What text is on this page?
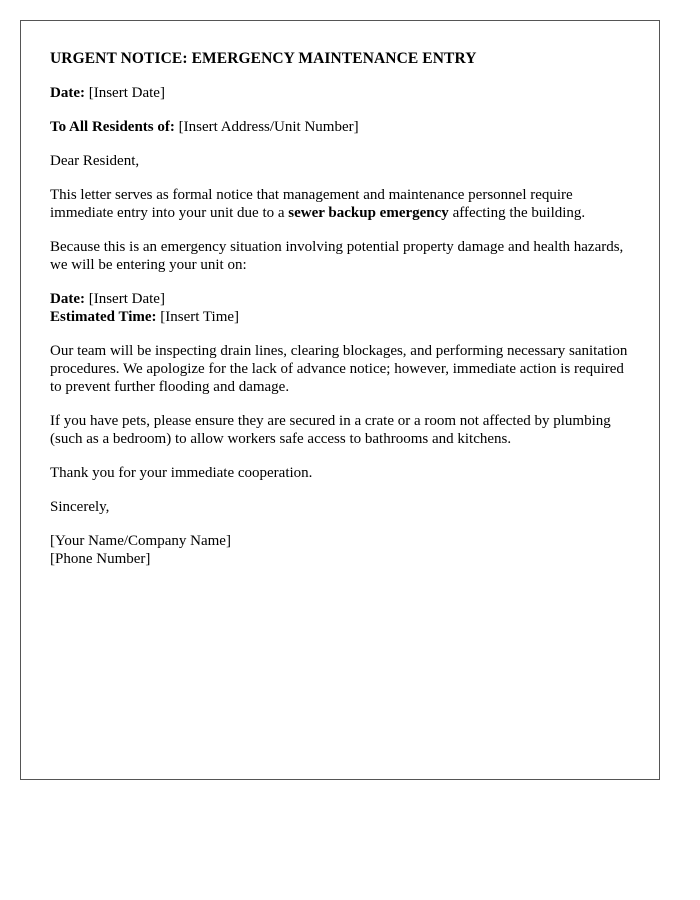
URGENT NOTICE: EMERGENCY MAINTENANCE ENTRY

Date: [Insert Date]

To All Residents of: [Insert Address/Unit Number]

Dear Resident,

This letter serves as formal notice that management and maintenance personnel require immediate entry into your unit due to a sewer backup emergency affecting the building.

Because this is an emergency situation involving potential property damage and health hazards, we will be entering your unit on:

Date: [Insert Date]

Estimated Time: [Insert Time]

Our team will be inspecting drain lines, clearing blockages, and performing necessary sanitation procedures. We apologize for the lack of advance notice; however, immediate action is required to prevent further flooding and damage.

If you have pets, please ensure they are secured in a crate or a room not affected by plumbing (such as a bedroom) to allow workers safe access to bathrooms and kitchens.

Thank you for your immediate cooperation.

Sincerely,

[Your Name/Company Name]

[Phone Number]
